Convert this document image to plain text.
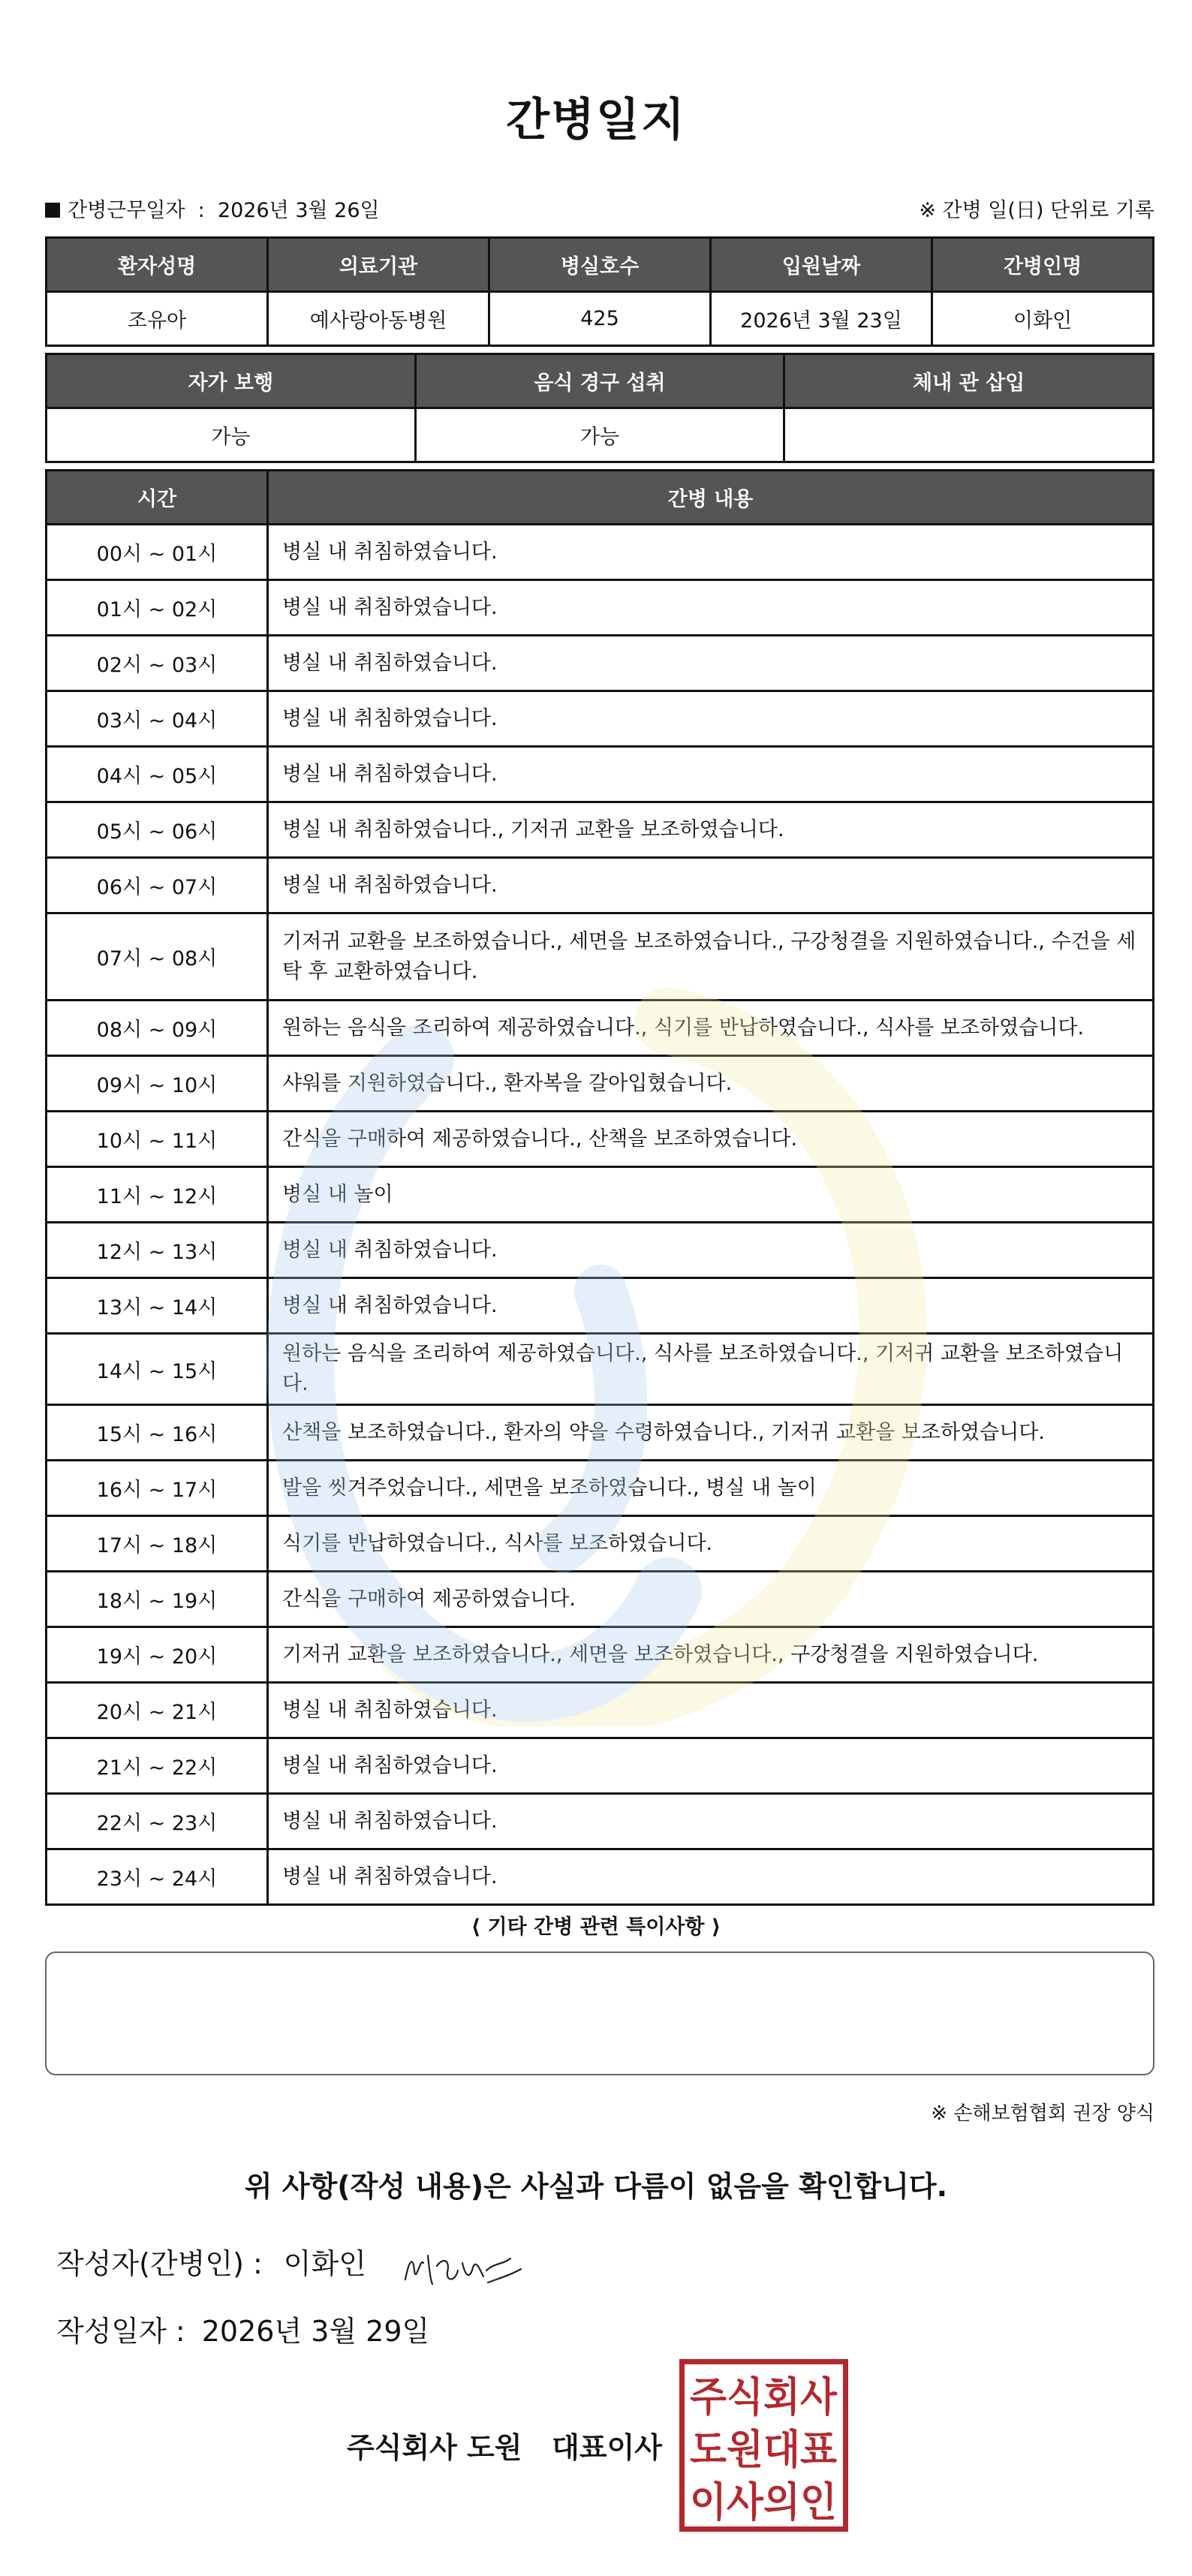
간병일지
간병근무일자 : 2026년 3월 26일	※ 간병 일(日) 단위로 기록
환자성명	의료기관	병실호수	입원날짜	간병인명
조유아	예사랑아동병원	425	2026년 3월 23일	이화인
자가 보행	음식 경구 섭취	체내 관 삽입
가능	가능	
시간	간병 내용
00시 ~ 01시	병실 내 취침하였습니다.
01시 ~ 02시	병실 내 취침하였습니다.
02시 ~ 03시	병실 내 취침하였습니다.
03시 ~ 04시	병실 내 취침하였습니다.
04시 ~ 05시	병실 내 취침하였습니다.
05시 ~ 06시	병실 내 취침하였습니다., 기저귀 교환을 보조하였습니다.
06시 ~ 07시	병실 내 취침하였습니다.
07시 ~ 08시	기저귀 교환을 보조하였습니다., 세면을 보조하였습니다., 구강청결을 지원하였습니다., 수건을 세탁 후 교환하였습니다.
08시 ~ 09시	원하는 음식을 조리하여 제공하였습니다., 식기를 반납하였습니다., 식사를 보조하였습니다.
09시 ~ 10시	샤워를 지원하였습니다., 환자복을 갈아입혔습니다.
10시 ~ 11시	간식을 구매하여 제공하였습니다., 산책을 보조하였습니다.
11시 ~ 12시	병실 내 놀이
12시 ~ 13시	병실 내 취침하였습니다.
13시 ~ 14시	병실 내 취침하였습니다.
14시 ~ 15시	원하는 음식을 조리하여 제공하였습니다., 식사를 보조하였습니다., 기저귀 교환을 보조하였습니다.
15시 ~ 16시	산책을 보조하였습니다., 환자의 약을 수령하였습니다., 기저귀 교환을 보조하였습니다.
16시 ~ 17시	발을 씻겨주었습니다., 세면을 보조하였습니다., 병실 내 놀이
17시 ~ 18시	식기를 반납하였습니다., 식사를 보조하였습니다.
18시 ~ 19시	간식을 구매하여 제공하였습니다.
19시 ~ 20시	기저귀 교환을 보조하였습니다., 세면을 보조하였습니다., 구강청결을 지원하였습니다.
20시 ~ 21시	병실 내 취침하였습니다.
21시 ~ 22시	병실 내 취침하였습니다.
22시 ~ 23시	병실 내 취침하였습니다.
23시 ~ 24시	병실 내 취침하였습니다.
⟨ 기타 간병 관련 특이사항 ⟩
※ 손해보험협회 권장 양식
위 사항(작성 내용)은 사실과 다름이 없음을 확인합니다.
작성자(간병인) : 이화인
작성일자 : 2026년 3월 29일
주식회사 도원   대표이사
주식회사
도원대표
이사의인
